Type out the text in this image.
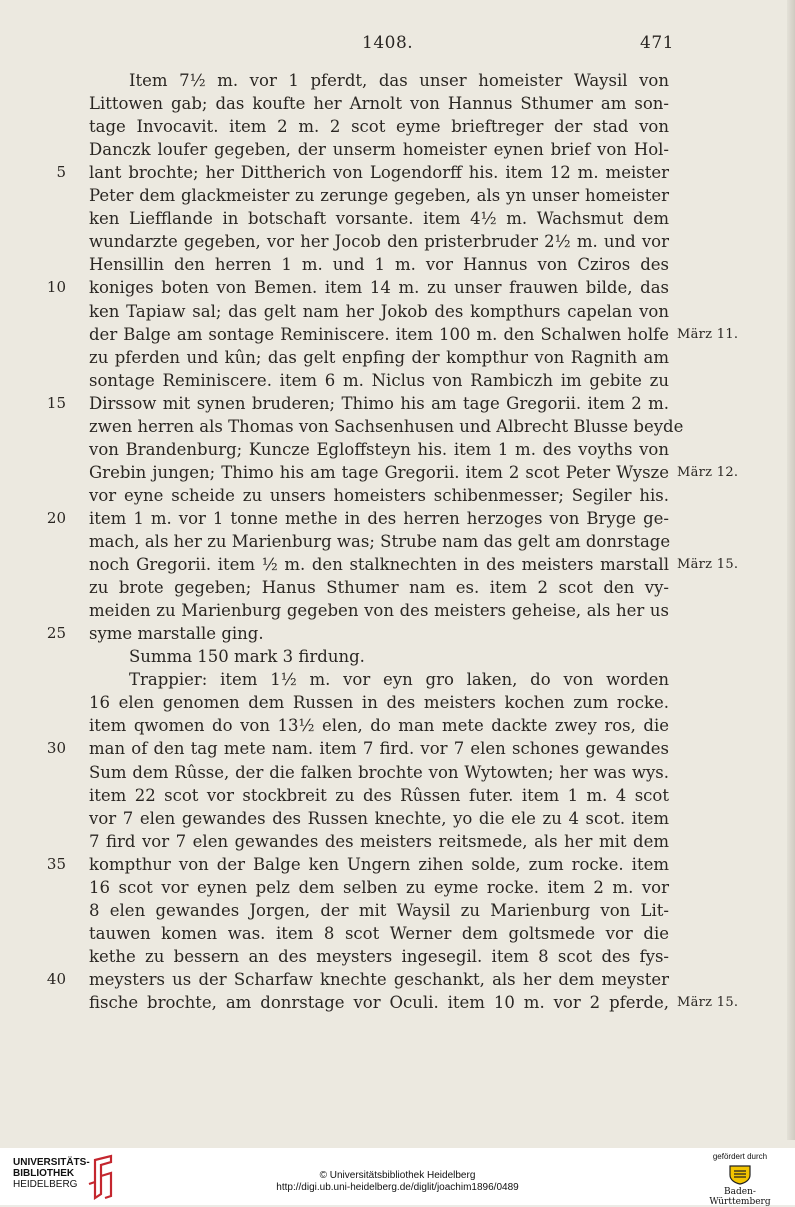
1408.	471
Item 7½ m. vor 1 pferdt, das unser homeister Waysil von
Littowen gab; das koufte her Arnolt von Hannus Sthumer am son-
tage Invocavit. item 2 m. 2 scot eyme brieftreger der stad von
Danczk loufer gegeben, der unserm homeister eynen brief von Hol-
5 lant brochte; her Dittherich von Logendorff his. item 12 m. meister
Peter dem glackmeister zu zerunge gegeben, als yn unser homeister
ken Liefflande in botschaft vorsante. item 4½ m. Wachsmut dem
wundarzte gegeben, vor her Jocob den pristerbruder 2½ m. und vor
Hensillin den herren 1 m. und 1 m. vor Hannus von Cziros des
10 koniges boten von Bemen. item 14 m. zu unser frauwen bilde, das
ken Tapiaw sal; das gelt nam her Jokob des kompthurs capelan von
der Balge am sontage Reminiscere. item 100 m. den Schalwen holfe März 11.
zu pferden und kûn; das gelt enpfing der kompthur von Ragnith am
sontage Reminiscere. item 6 m. Niclus von Rambiczh im gebite zu
15 Dirssow mit synen bruderen; Thimo his am tage Gregorii. item 2 m.
zwen herren als Thomas von Sachsenhusen und Albrecht Blusse beyde
von Brandenburg; Kuncze Egloffsteyn his. item 1 m. des voyths von
Grebin jungen; Thimo his am tage Gregorii. item 2 scot Peter Wysze März 12.
vor eyne scheide zu unsers homeisters schibenmesser; Segiler his.
20 item 1 m. vor 1 tonne methe in des herren herzoges von Bryge ge-
mach, als her zu Marienburg was; Strube nam das gelt am donrstage
noch Gregorii. item ½ m. den stalknechten in des meisters marstall März 15.
zu brote gegeben; Hanus Sthumer nam es. item 2 scot den vy-
meiden zu Marienburg gegeben von des meisters geheise, als her us
25 syme marstalle ging.
Summa 150 mark 3 firdung.
Trappier: item 1½ m. vor eyn gro laken, do von worden
16 elen genomen dem Russen in des meisters kochen zum rocke.
item qwomen do von 13½ elen, do man mete dackte zwey ros, die
30 man of den tag mete nam. item 7 fird. vor 7 elen schones gewandes
Sum dem Rûsse, der die falken brochte von Wytowten; her was wys.
item 22 scot vor stockbreit zu des Rûssen futer. item 1 m. 4 scot
vor 7 elen gewandes des Russen knechte, yo die ele zu 4 scot. item
7 fird vor 7 elen gewandes des meisters reitsmede, als her mit dem
35 kompthur von der Balge ken Ungern zihen solde, zum rocke. item
16 scot vor eynen pelz dem selben zu eyme rocke. item 2 m. vor
8 elen gewandes Jorgen, der mit Waysil zu Marienburg von Lit-
tauwen komen was. item 8 scot Werner dem goltsmede vor die
kethe zu bessern an des meysters ingesegil. item 8 scot des fys-
40 meysters us der Scharfaw knechte geschankt, als her dem meyster
fische brochte, am donrstage vor Oculi. item 10 m. vor 2 pferde, März 15.
UNIVERSITÄTS-
BIBLIOTHEK
HEIDELBERG
© Universitätsbibliothek Heidelberg
http://digi.ub.uni-heidelberg.de/diglit/joachim1896/0489
gefördert durch
Baden-Württemberg
